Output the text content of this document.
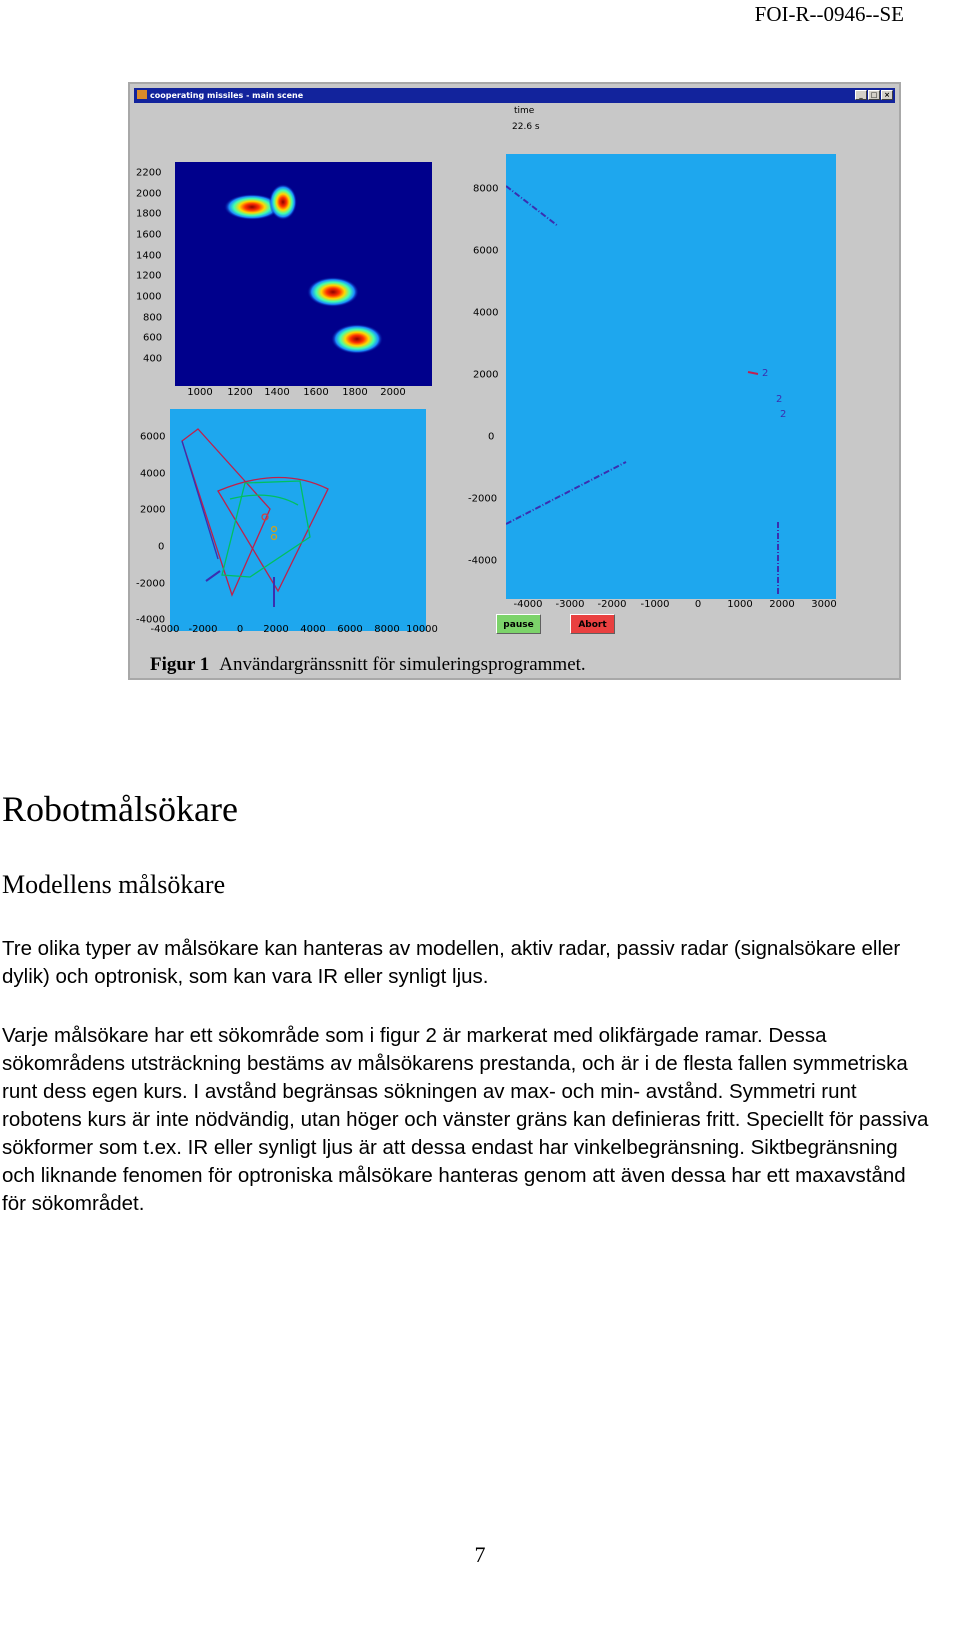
FOI-R--0946--SE
cooperating missiles - main scene	_	□ ×
time
22.6 s
2200
2000
1800
1600
1400
1200
1000
800
600
400
1000 1200 1400 1600 1800 2000
6000
4000
2000
0
-2000
-4000
-4000 -2000 0 2000 4000 6000 8000 10000
2
2
2
8000
6000
4000
2000
0
-2000
-4000
-4000 -3000 -2000 -1000	0	1000 2000 3000
pause	Abort
Figur 1 Användargränssnitt för simuleringsprogrammet.
Robotmålsökare
Modellens målsökare

Tre olika typer av målsökare kan hanteras av modellen, aktiv radar, passiv radar (signalsökare eller dylik) och optronisk, som kan vara IR eller synligt ljus.

Varje målsökare har ett sökområde som i figur 2 är markerat med olikfärgade ramar. Dessa sökområdens utsträckning bestäms av målsökarens prestanda, och är i de flesta fallen symmetriska runt dess egen kurs. I avstånd begränsas sökningen av max- och min- avstånd. Symmetri runt robotens kurs är inte nödvändig, utan höger och vänster gräns kan definieras fritt. Speciellt för passiva sökformer som t.ex. IR eller synligt ljus är att dessa endast har vinkelbegränsning. Siktbegränsning och liknande fenomen för optroniska målsökare hanteras genom att även dessa har ett maxavstånd för sökområdet.

7
